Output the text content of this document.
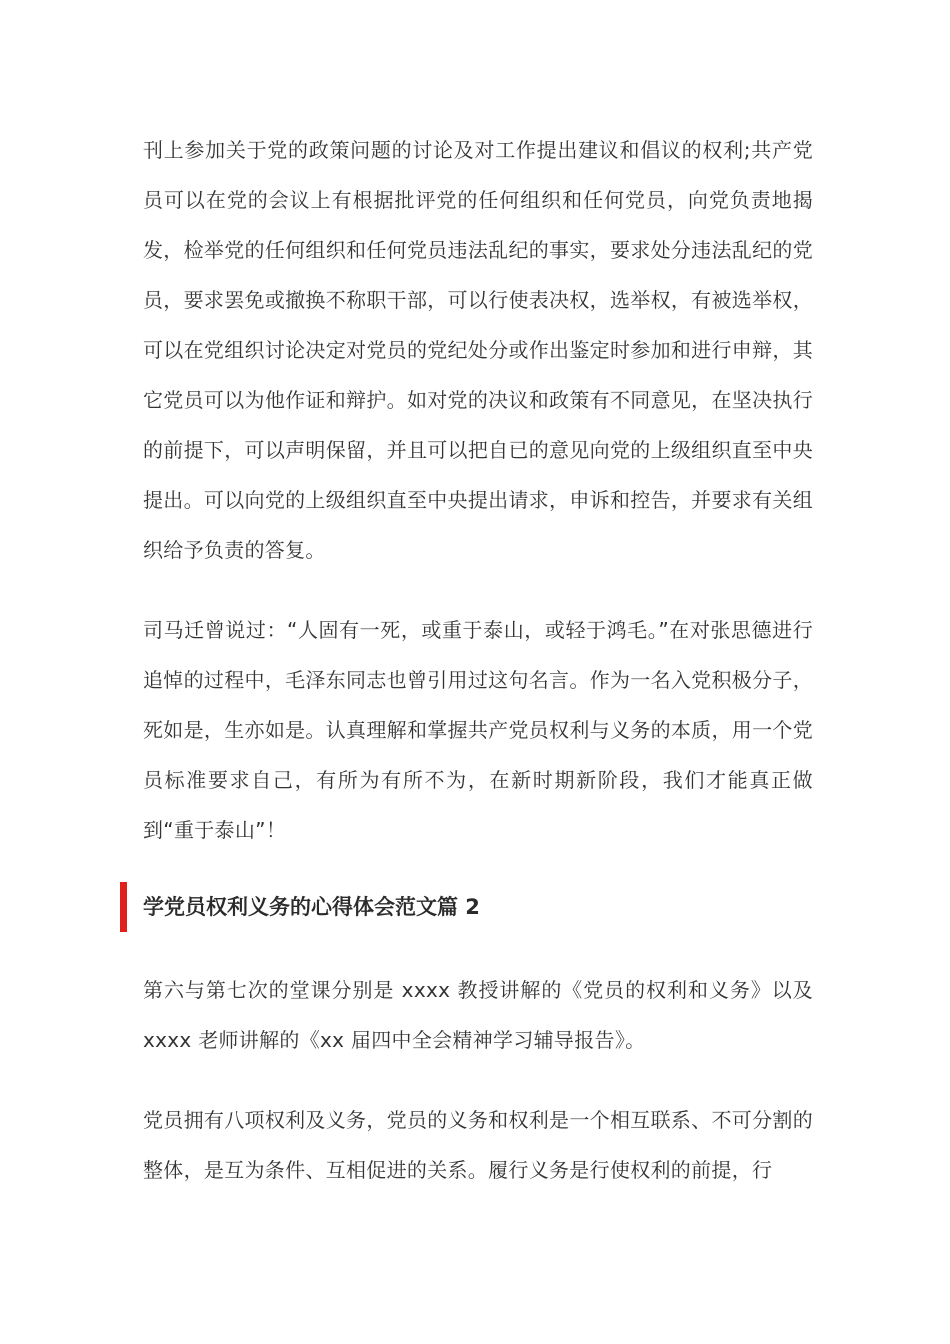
刊上参加关于党的政策问题的讨论及对工作提出建议和倡议的权利;共产党员可以在党的会议上有根据批评党的任何组织和任何党员，向党负责地揭发，检举党的任何组织和任何党员违法乱纪的事实，要求处分违法乱纪的党员，要求罢免或撤换不称职干部，可以行使表决权，选举权，有被选举权，可以在党组织讨论决定对党员的党纪处分或作出鉴定时参加和进行申辩，其它党员可以为他作证和辩护。如对党的决议和政策有不同意见，在坚决执行的前提下，可以声明保留，并且可以把自已的意见向党的上级组织直至中央提出。可以向党的上级组织直至中央提出请求，申诉和控告，并要求有关组织给予负责的答复。

司马迁曾说过：“人固有一死，或重于泰山，或轻于鸿毛。”在对张思德进行追悼的过程中，毛泽东同志也曾引用过这句名言。作为一名入党积极分子，死如是，生亦如是。认真理解和掌握共产党员权利与义务的本质，用一个党员标准要求自己，有所为有所不为，在新时期新阶段，我们才能真正做到“重于泰山”！

学党员权利义务的心得体会范文篇 2

第六与第七次的堂课分别是 xxxx 教授讲解的《党员的权利和义务》以及 xxxx 老师讲解的《xx 届四中全会精神学习辅导报告》。

党员拥有八项权利及义务，党员的义务和权利是一个相互联系、不可分割的整体，是互为条件、互相促进的关系。履行义务是行使权利的前提，行
